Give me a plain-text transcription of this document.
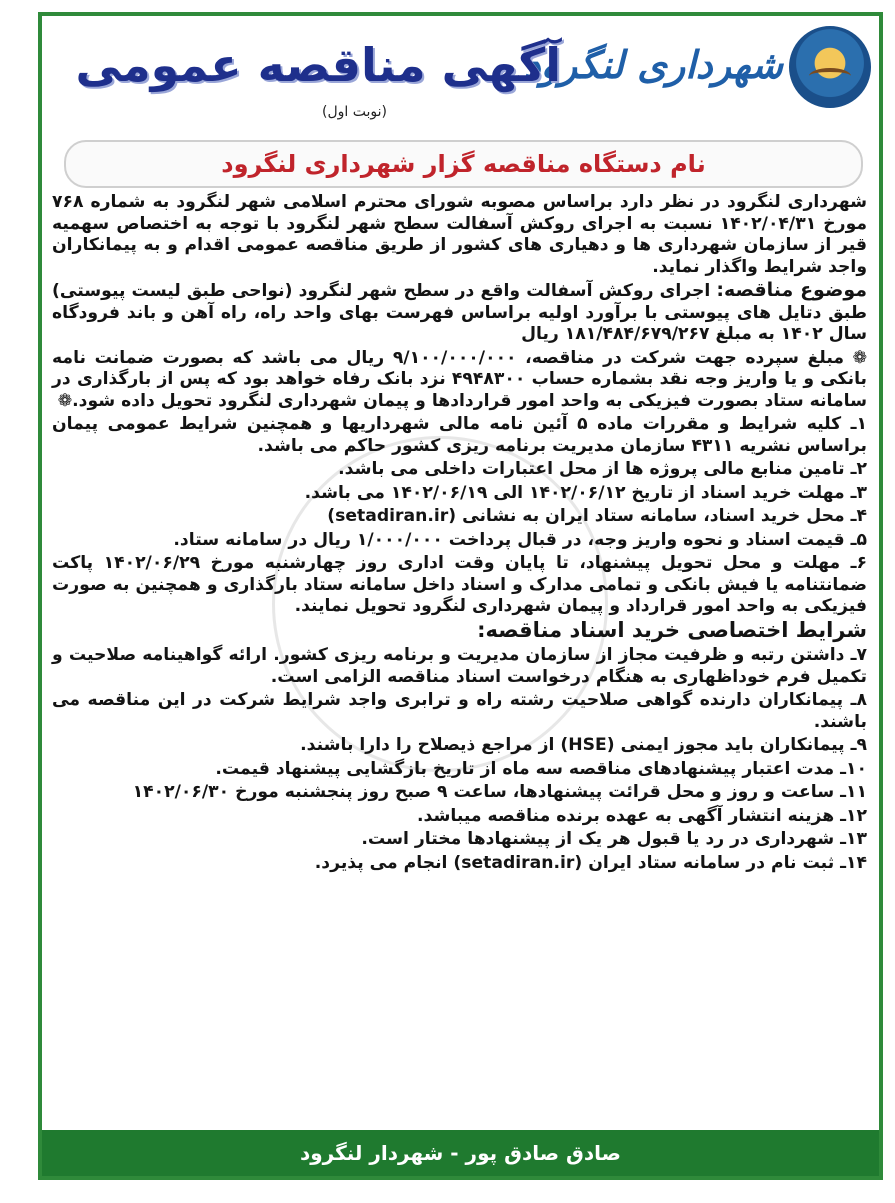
شهرداری لنگرود
آگهی مناقصه عمومی
(نوبت اول)
نام دستگاه مناقصه گزار شهرداری لنگرود

شهرداری لنگرود در نظر دارد براساس مصوبه شورای محترم اسلامی شهر لنگرود به شماره ۷۶۸ مورخ ۱۴۰۲/۰۴/۳۱ نسبت به اجرای روکش آسفالت سطح شهر لنگرود با توجه به اختصاص سهمیه قیر از سازمان شهرداری ها و دهیاری های کشور از طریق مناقصه عمومی اقدام و به پیمانکاران واجد شرایط واگذار نماید.

موضوع مناقصه: اجرای روکش آسفالت واقع در سطح شهر لنگرود (نواحی طبق لیست پیوستی) طبق دتایل های پیوستی با برآورد اولیه براساس فهرست بهای واحد راه، راه آهن و باند فرودگاه سال ۱۴۰۲ به مبلغ ۱۸۱/۴۸۴/۶۷۹/۲۶۷ ریال

❁ مبلغ سپرده جهت شرکت در مناقصه، ۹/۱۰۰/۰۰۰/۰۰۰ ریال می باشد که بصورت ضمانت نامه بانکی و یا واریز وجه نقد بشماره حساب ۴۹۴۸۳۰۰ نزد بانک رفاه خواهد بود که پس از بارگذاری در سامانه ستاد بصورت فیزیکی به واحد امور قراردادها و پیمان شهرداری لنگرود تحویل داده شود.❁

۱ـ کلیه شرایط و مقررات ماده ۵ آئین نامه مالی شهرداریها و همچنین شرایط عمومی پیمان براساس نشریه ۴۳۱۱ سازمان مدیریت برنامه ریزی کشور حاکم می باشد.

۲ـ تامین منابع مالی پروژه ها از محل اعتبارات داخلی می باشد.

۳ـ مهلت خرید اسناد از تاریخ ۱۴۰۲/۰۶/۱۲ الی ۱۴۰۲/۰۶/۱۹ می باشد.

۴ـ محل خرید اسناد، سامانه ستاد ایران به نشانی (setadiran.ir)

۵ـ قیمت اسناد و نحوه واریز وجه، در قبال پرداخت ۱/۰۰۰/۰۰۰ ریال در سامانه ستاد.

۶ـ مهلت و محل تحویل پیشنهاد، تا پایان وقت اداری روز چهارشنبه مورخ ۱۴۰۲/۰۶/۲۹ پاکت ضمانتنامه یا فیش بانکی و تمامی مدارک و اسناد داخل سامانه ستاد بارگذاری و همچنین به صورت فیزیکی به واحد امور قرارداد و پیمان شهرداری لنگرود تحویل نمایند.

شرایط اختصاصی خرید اسناد مناقصه:

۷ـ داشتن رتبه و ظرفیت مجاز از سازمان مدیریت و برنامه ریزی کشور. ارائه گواهینامه صلاحیت و تکمیل فرم خوداظهاری به هنگام درخواست اسناد مناقصه الزامی است.

۸ـ پیمانکاران دارنده گواهی صلاحیت رشته راه و ترابری واجد شرایط شرکت در این مناقصه می باشند.

۹ـ پیمانکاران باید مجوز ایمنی (HSE) از مراجع ذیصلاح را دارا باشند.

۱۰ـ مدت اعتبار پیشنهادهای مناقصه سه ماه از تاریخ بازگشایی پیشنهاد قیمت.

۱۱ـ ساعت و روز و محل قرائت پیشنهادها، ساعت ۹ صبح روز پنجشنبه مورخ ۱۴۰۲/۰۶/۳۰

۱۲ـ هزینه انتشار آگهی به عهده برنده مناقصه میباشد.

۱۳ـ شهرداری در رد یا قبول هر یک از پیشنهادها مختار است.

۱۴ـ ثبت نام در سامانه ستاد ایران (setadiran.ir) انجام می پذیرد.

صادق صادق پور - شهردار لنگرود
